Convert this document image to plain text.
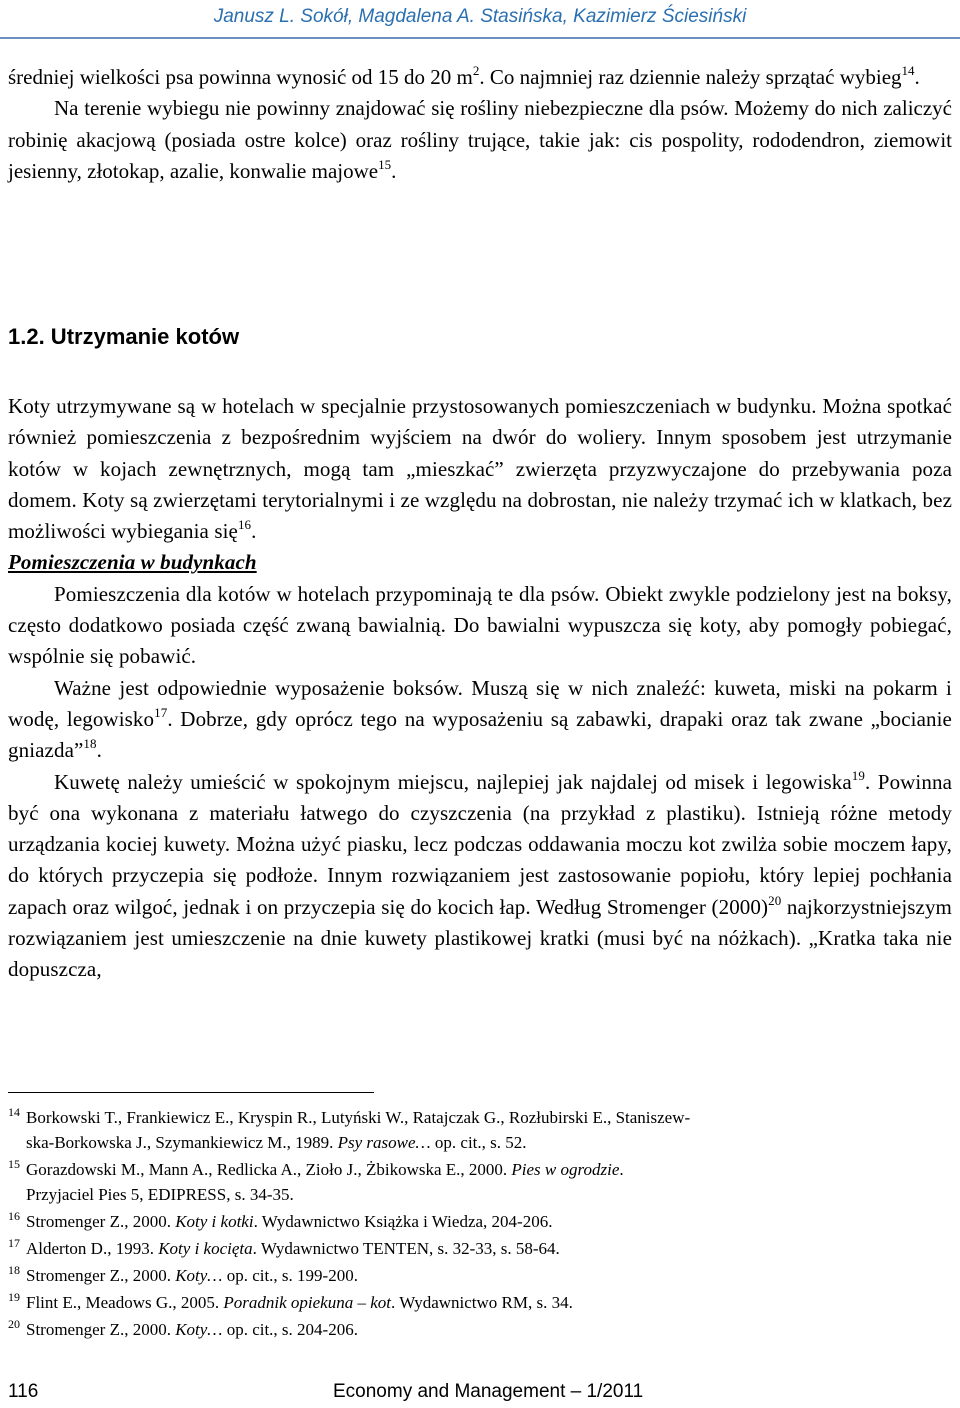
Janusz L. Sokół, Magdalena A. Stasińska, Kazimierz Ściesiński

średniej wielkości psa powinna wynosić od 15 do 20 $m^2$. Co najmniej raz dziennie należy sprzątać wybieg$^{14}$.

Na terenie wybiegu nie powinny znajdować się rośliny niebezpieczne dla psów. Możemy do nich zaliczyć robinię akacjową (posiada ostre kolce) oraz rośliny trujące, takie jak: cis pospolity, rododendron, ziemowit jesienny, złotokap, azalie, konwalie majowe$^{15}$.

1.2. Utrzymanie kotów

Koty utrzymywane są w hotelach w specjalnie przystosowanych pomieszczeniach w budynku. Można spotkać również pomieszczenia z bezpośrednim wyjściem na dwór do woliery. Innym sposobem jest utrzymanie kotów w kojach zewnętrznych, mogą tam „mieszkać” zwierzęta przyzwyczajone do przebywania poza domem. Koty są zwierzętami terytorialnymi i ze względu na dobrostan, nie należy trzymać ich w klatkach, bez możliwości wybiegania się$^{16}$.

Pomieszczenia w budynkach

Pomieszczenia dla kotów w hotelach przypominają te dla psów. Obiekt zwykle podzielony jest na boksy, często dodatkowo posiada część zwaną bawialnią. Do bawialni wypuszcza się koty, aby pomogły pobiegać, wspólnie się pobawić.

Ważne jest odpowiednie wyposażenie boksów. Muszą się w nich znaleźć: kuweta, miski na pokarm i wodę, legowisko$^{17}$. Dobrze, gdy oprócz tego na wyposażeniu są zabawki, drapaki oraz tak zwane „bocianie gniazda”$^{18}$.

Kuwetę należy umieścić w spokojnym miejscu, najlepiej jak najdalej od misek i legowiska$^{19}$. Powinna być ona wykonana z materiału łatwego do czyszczenia (na przykład z plastiku). Istnieją różne metody urządzania kociej kuwety. Można użyć piasku, lecz podczas oddawania moczu kot zwilża sobie moczem łapy, do których przyczepia się podłoże. Innym rozwiązaniem jest zastosowanie popiołu, który lepiej pochłania zapach oraz wilgoć, jednak i on przyczepia się do kocich łap. Według Stromenger $(2000)^{20}$ najkorzystniejszym rozwiązaniem jest umieszczenie na dnie kuwety plastikowej kratki (musi być na nóżkach). „Kratka taka nie dopuszcza,

$^{14}$ Borkowski T., Frankiewicz E., Kryspin R., Lutyński W., Ratajczak G., Rozłubirski E., Staniszew-
ska-Borkowska J., Szymankiewicz M., 1989. Psy rasowe… op. cit., s. 52.

$^{15}$ Gorazdowski M., Mann A., Redlicka A., Zioło J., Żbikowska E., 2000. Pies w ogrodzie.
Przyjaciel Pies 5, EDIPRESS, s. 34-35.

$^{16}$ Stromenger Z., 2000. Koty i kotki. Wydawnictwo Książka i Wiedza, 204-206.

$^{17}$ Alderton D., 1993. Koty i kocięta. Wydawnictwo TENTEN, s. 32-33, s. 58-64.

$^{18}$ Stromenger Z., 2000. Koty… op. cit., s. 199-200.

$^{19}$ Flint E., Meadows G., 2005. Poradnik opiekuna – kot. Wydawnictwo RM, s. 34.

$^{20}$ Stromenger Z., 2000. Koty… op. cit., s. 204-206.

116	Economy and Management – 1/2011
